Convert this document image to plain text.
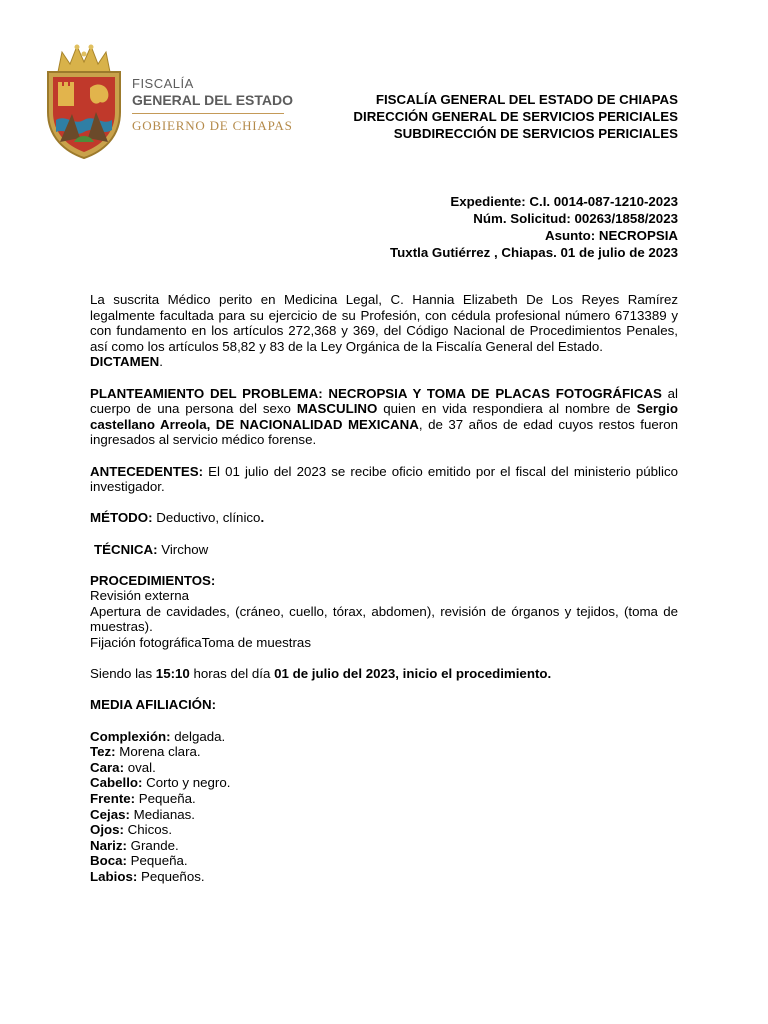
FISCALÍA
GENERAL DEL ESTADO
GOBIERNO DE CHIAPAS
FISCALÍA GENERAL DEL ESTADO DE CHIAPAS
DIRECCIÓN GENERAL DE SERVICIOS PERICIALES
SUBDIRECCIÓN DE SERVICIOS PERICIALES
Expediente: C.I. 0014-087-1210-2023
Núm. Solicitud: 00263/1858/2023
Asunto: NECROPSIA
Tuxtla Gutiérrez , Chiapas. 01 de julio de 2023
La suscrita Médico perito en Medicina Legal, C. Hannia Elizabeth De Los Reyes Ramírez legalmente facultada para su ejercicio de su Profesión, con cédula profesional número 6713389 y con fundamento en los artículos 272,368 y 369, del Código Nacional de Procedimientos Penales, así como los artículos 58,82 y 83 de la Ley Orgánica de la Fiscalía General del Estado.
DICTAMEN.
PLANTEAMIENTO DEL PROBLEMA: NECROPSIA Y TOMA DE PLACAS FOTOGRÁFICAS al cuerpo de una persona del sexo MASCULINO quien en vida respondiera al nombre de Sergio castellano Arreola, DE NACIONALIDAD MEXICANA, de 37 años de edad cuyos restos fueron ingresados al servicio médico forense.
ANTECEDENTES: El 01 julio del 2023 se recibe oficio emitido por el fiscal del ministerio público investigador.
MÉTODO: Deductivo, clínico.
TÉCNICA: Virchow
PROCEDIMIENTOS:
Revisión externa
Apertura de cavidades, (cráneo, cuello, tórax, abdomen), revisión de órganos y tejidos, (toma de muestras).
Fijación fotográficaToma de muestras
Siendo las 15:10 horas del día 01 de julio del 2023, inicio el procedimiento.
MEDIA AFILIACIÓN:
Complexión: delgada.
Tez: Morena clara.
Cara: oval.
Cabello: Corto y negro.
Frente: Pequeña.
Cejas: Medianas.
Ojos: Chicos.
Nariz: Grande.
Boca: Pequeña.
Labios: Pequeños.
